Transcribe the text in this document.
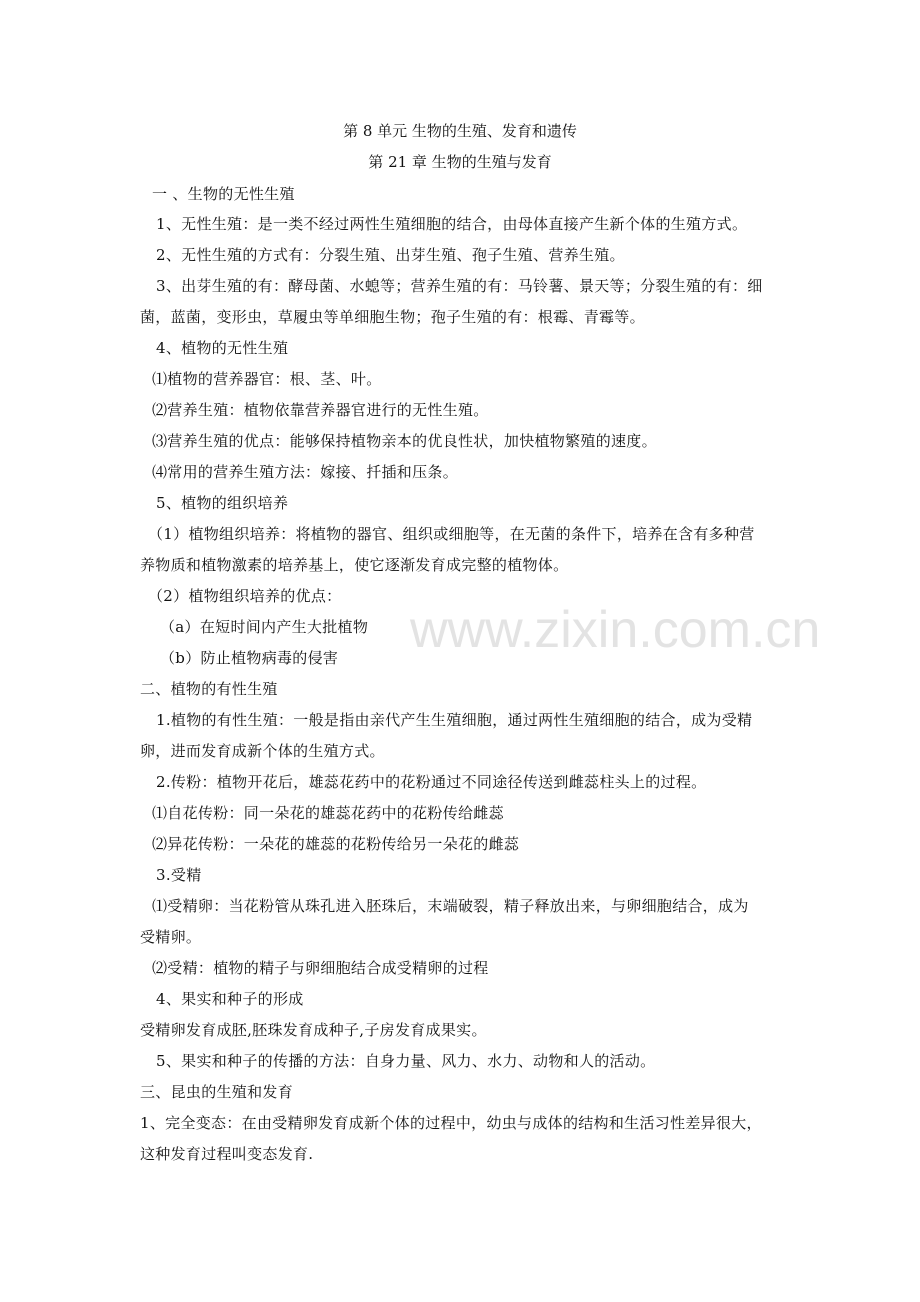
第 8 单元 生物的生殖、发育和遗传
第 21 章 生物的生殖与发育
一 、生物的无性生殖
1、无性生殖：是一类不经过两性生殖细胞的结合，由母体直接产生新个体的生殖方式。
2、无性生殖的方式有：分裂生殖、出芽生殖、孢子生殖、营养生殖。
3、出芽生殖的有：酵母菌、水螅等；营养生殖的有：马铃薯、景天等；分裂生殖的有：细
菌，蓝菌，变形虫，草履虫等单细胞生物；孢子生殖的有：根霉、青霉等。
4、植物的无性生殖
⑴植物的营养器官：根、茎、叶。
⑵营养生殖：植物依靠营养器官进行的无性生殖。
⑶营养生殖的优点：能够保持植物亲本的优良性状，加快植物繁殖的速度。
⑷常用的营养生殖方法：嫁接、扦插和压条。
5、植物的组织培养
（1）植物组织培养：将植物的器官、组织或细胞等，在无菌的条件下，培养在含有多种营
养物质和植物激素的培养基上，使它逐渐发育成完整的植物体。
（2）植物组织培养的优点：
（a）在短时间内产生大批植物
（b）防止植物病毒的侵害
二、植物的有性生殖
1.植物的有性生殖：一般是指由亲代产生生殖细胞，通过两性生殖细胞的结合，成为受精
卵，进而发育成新个体的生殖方式。
2.传粉：植物开花后，雄蕊花药中的花粉通过不同途径传送到雌蕊柱头上的过程。
⑴自花传粉：同一朵花的雄蕊花药中的花粉传给雌蕊
⑵异花传粉：一朵花的雄蕊的花粉传给另一朵花的雌蕊
3.受精
⑴受精卵：当花粉管从珠孔进入胚珠后，末端破裂，精子释放出来，与卵细胞结合，成为
受精卵。
⑵受精：植物的精子与卵细胞结合成受精卵的过程
4、果实和种子的形成
受精卵发育成胚,胚珠发育成种子,子房发育成果实。
5、果实和种子的传播的方法：自身力量、风力、水力、动物和人的活动。
三、昆虫的生殖和发育
1、完全变态：在由受精卵发育成新个体的过程中，幼虫与成体的结构和生活习性差异很大，
这种发育过程叫变态发育.
www.zixin.com.cn
